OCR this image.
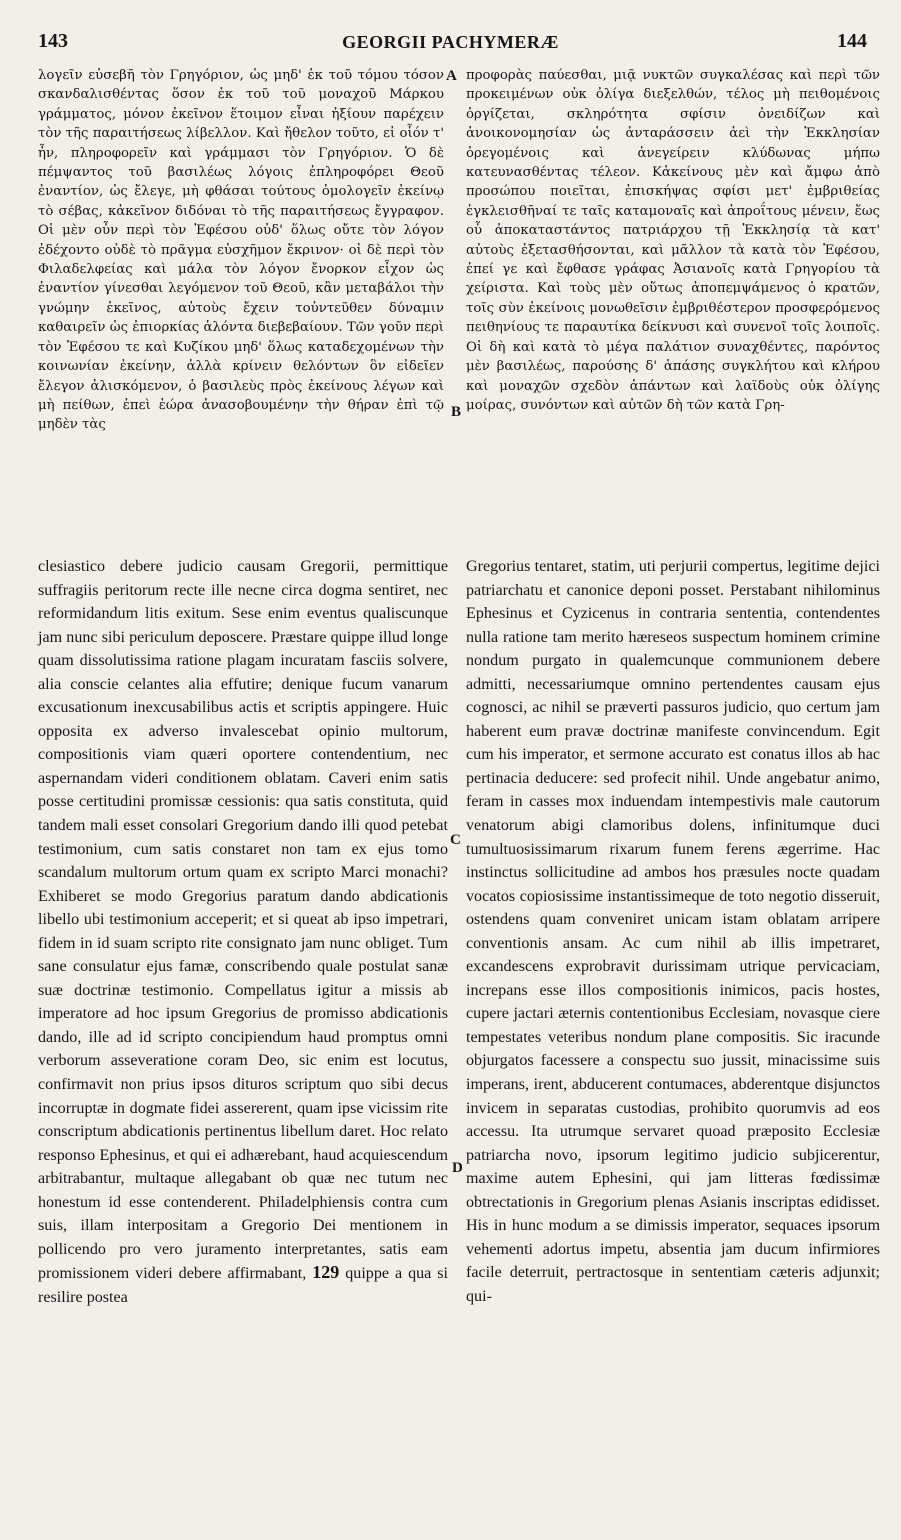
143	GEORGII PACHYMERÆ	144

λογεῖν εὐσεβῆ τὸν Γρηγόριον, ὡς μηδ' ἐκ τοῦ τόμου τόσον σκανδαλισθέντας ὅσον ἐκ τοῦ τοῦ μοναχοῦ Μάρκου γράμματος, μόνον ἐκεῖνον ἕτοιμον εἶναι ἠξίουν παρέχειν τὸν τῆς παραιτήσεως λίβελλον. Καὶ ἤθελον τοῦτο, εἰ οἷόν τ' ἦν, πληροφορεῖν καὶ γράμμασι τὸν Γρηγόριον. Ὁ δὲ πέμψαντος τοῦ βασιλέως λόγοις ἐπληροφόρει Θεοῦ ἐναντίον, ὡς ἔλεγε, μὴ φθάσαι τούτους ὁμολογεῖν ἐκείνῳ τὸ σέβας, κἀκεῖνον διδόναι τὸ τῆς παραιτήσεως ἔγγραφον. Οἱ μὲν οὖν περὶ τὸν Ἐφέσου οὐδ' ὅλως οὔτε τὸν λόγον ἐδέχοντο οὐδὲ τὸ πρᾶγμα εὐσχῆμον ἔκρινον· οἱ δὲ περὶ τὸν Φιλαδελφείας καὶ μάλα τὸν λόγον ἔνορκον εἶχον ὡς ἐναντίον γίνεσθαι λεγόμενον τοῦ Θεοῦ, κἂν μεταβάλοι τὴν γνώμην ἐκεῖνος, αὐτοὺς ἔχειν τοὐντεῦθεν δύναμιν καθαιρεῖν ὡς ἐπιορκίας ἁλόντα διεβεβαίουν. Τῶν γοῦν περὶ τὸν Ἐφέσου τε καὶ Κυζίκου μηδ' ὅλως καταδεχομένων τὴν κοινωνίαν ἐκείνην, ἀλλὰ κρίνειν θελόντων ὃν εἰδεῖεν ἔλεγον ἁλισκόμενον, ὁ βασιλεὺς πρὸς ἐκείνους λέγων καὶ μὴ πείθων, ἐπεὶ ἑώρα ἀνασοβουμένην τὴν θήραν ἐπὶ τῷ μηδὲν τὰς

προφορὰς παύεσθαι, μιᾷ νυκτῶν συγκαλέσας καὶ περὶ τῶν προκειμένων οὐκ ὀλίγα διεξελθών, τέλος μὴ πειθομένοις ὀργίζεται, σκληρότητα σφίσιν ὀνειδίζων καὶ ἀνοικονομησίαν ὡς ἀνταράσσειν ἀεὶ τὴν Ἐκκλησίαν ὀρεγομένοις καὶ ἀνεγείρειν κλύδωνας μήπω κατευνασθέντας τέλεον. Κἀκείνους μὲν καὶ ἄμφω ἀπὸ προσώπου ποιεῖται, ἐπισκήψας σφίσι μετ' ἐμβριθείας ἐγκλεισθῆναί τε ταῖς καταμοναῖς καὶ ἀπροΐτους μένειν, ἕως οὗ ἀποκαταστάντος πατριάρχου τῇ Ἐκκλησίᾳ τὰ κατ' αὐτοὺς ἐξετασθήσονται, καὶ μᾶλλον τὰ κατὰ τὸν Ἐφέσου, ἐπεί γε καὶ ἔφθασε γράφας Ἀσιανοῖς κατὰ Γρηγορίου τὰ χείριστα. Καὶ τοὺς μὲν οὕτως ἀποπεμψάμενος ὁ κρατῶν, τοῖς σὺν ἐκείνοις μονωθεῖσιν ἐμβριθέστερον προσφερόμενος πειθηνίους τε παραυτίκα δείκνυσι καὶ συνενοῖ τοῖς λοιποῖς. Οἱ δὴ καὶ κατὰ τὸ μέγα παλάτιον συναχθέντες, παρόντος μὲν βασιλέως, παρούσης δ' ἁπάσης συγκλήτου καὶ κλήρου καὶ μοναχῶν σχεδὸν ἁπάντων καὶ λαϊδοὺς οὐκ ὀλίγης μοίρας, συνόντων καὶ αὐτῶν δὴ τῶν κατὰ Γρη-

A
B
C
D

clesiastico debere judicio causam Gregorii, permittique suffragiis peritorum recte ille necne circa dogma sentiret, nec reformidandum litis exitum. Sese enim eventus qualiscunque jam nunc sibi periculum deposcere. Præstare quippe illud longe quam dissolutissima ratione plagam incuratam fasciis solvere, alia conscie celantes alia effutire; denique fucum vanarum excusationum inexcusabilibus actis et scriptis appingere. Huic opposita ex adverso invalescebat opinio multorum, compositionis viam quæri oportere contendentium, nec aspernandam videri conditionem oblatam. Caveri enim satis posse certitudini promissæ cessionis: qua satis constituta, quid tandem mali esset consolari Gregorium dando illi quod petebat testimonium, cum satis constaret non tam ex ejus tomo scandalum multorum ortum quam ex scripto Marci monachi? Exhiberet se modo Gregorius paratum dando abdicationis libello ubi testimonium acceperit; et si queat ab ipso impetrari, fidem in id suam scripto rite consignato jam nunc obliget. Tum sane consulatur ejus famæ, conscribendo quale postulat sanæ suæ doctrinæ testimonio. Compellatus igitur a missis ab imperatore ad hoc ipsum Gregorius de promisso abdicationis dando, ille ad id scripto concipiendum haud promptus omni verborum asseveratione coram Deo, sic enim est locutus, confirmavit non prius ipsos dituros scriptum quo sibi decus incorruptæ in dogmate fidei assererent, quam ipse vicissim rite conscriptum abdicationis pertinentus libellum daret. Hoc relato responso Ephesinus, et qui ei adhærebant, haud acquiescendum arbitrabantur, multaque allegabant ob quæ nec tutum nec honestum id esse contenderent. Philadelphiensis contra cum suis, illam interpositam a Gregorio Dei mentionem in pollicendo pro vero juramento interpretantes, satis eam promissionem videri debere affirmabant, 129 quippe a qua si resilire postea

Gregorius tentaret, statim, uti perjurii compertus, legitime dejici patriarchatu et canonice deponi posset. Perstabant nihilominus Ephesinus et Cyzicenus in contraria sententia, contendentes nulla ratione tam merito hæreseos suspectum hominem crimine nondum purgato in qualemcunque communionem debere admitti, necessariumque omnino pertendentes causam ejus cognosci, ac nihil se præverti passuros judicio, quo certum jam haberent eum pravæ doctrinæ manifeste convincendum. Egit cum his imperator, et sermone accurato est conatus illos ab hac pertinacia deducere: sed profecit nihil. Unde angebatur animo, feram in casses mox induendam intempestivis male cautorum venatorum abigi clamoribus dolens, infinitumque duci tumultuosissimarum rixarum funem ferens ægerrime. Hac instinctus sollicitudine ad ambos hos præsules nocte quadam vocatos copiosissime instantissimeque de toto negotio disseruit, ostendens quam conveniret unicam istam oblatam arripere conventionis ansam. Ac cum nihil ab illis impetraret, excandescens exprobravit durissimam utrique pervicaciam, increpans esse illos compositionis inimicos, pacis hostes, cupere jactari æternis contentionibus Ecclesiam, novasque ciere tempestates veteribus nondum plane compositis. Sic iracunde objurgatos facessere a conspectu suo jussit, minacissime suis imperans, irent, abducerent contumaces, abderentque disjunctos invicem in separatas custodias, prohibito quorumvis ad eos accessu. Ita utrumque servaret quoad præposito Ecclesiæ patriarcha novo, ipsorum legitimo judicio subjicerentur, maxime autem Ephesini, qui jam litteras fœdissimæ obtrectationis in Gregorium plenas Asianis inscriptas edidisset. His in hunc modum a se dimissis imperator, sequaces ipsorum vehementi adortus impetu, absentia jam ducum infirmiores facile deterruit, pertractosque in sententiam cæteris adjunxit; qui-
